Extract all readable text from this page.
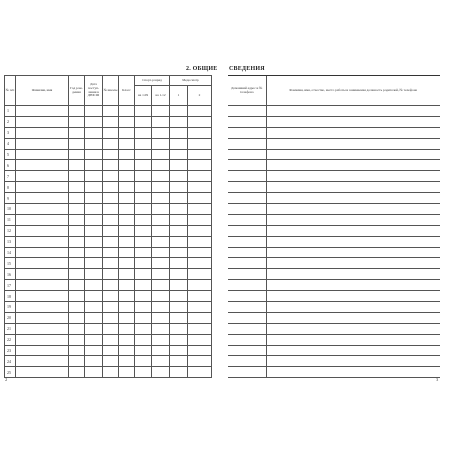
2. ОБЩИЕ СВЕДЕНИЯ
№ п/п	Фамилия, имя	Год рож- дения	Дата поступ- ления в ДЮСШ	№ школы	Класс	Спорт-разряд		Медосмотр	
						на 1.09	на 1.12	1	2
1									
2									
3									
4									
5									
6									
7									
8									
9									
10									
11									
12									
13									
14									
15									
16									
17									
18									
19									
20									
21									
22									
23									
24									
25									
Домашний адрес и № телефона	Фамилия, имя, отчество, место работы и занимаемая должность родителей, № телефона

2	3
